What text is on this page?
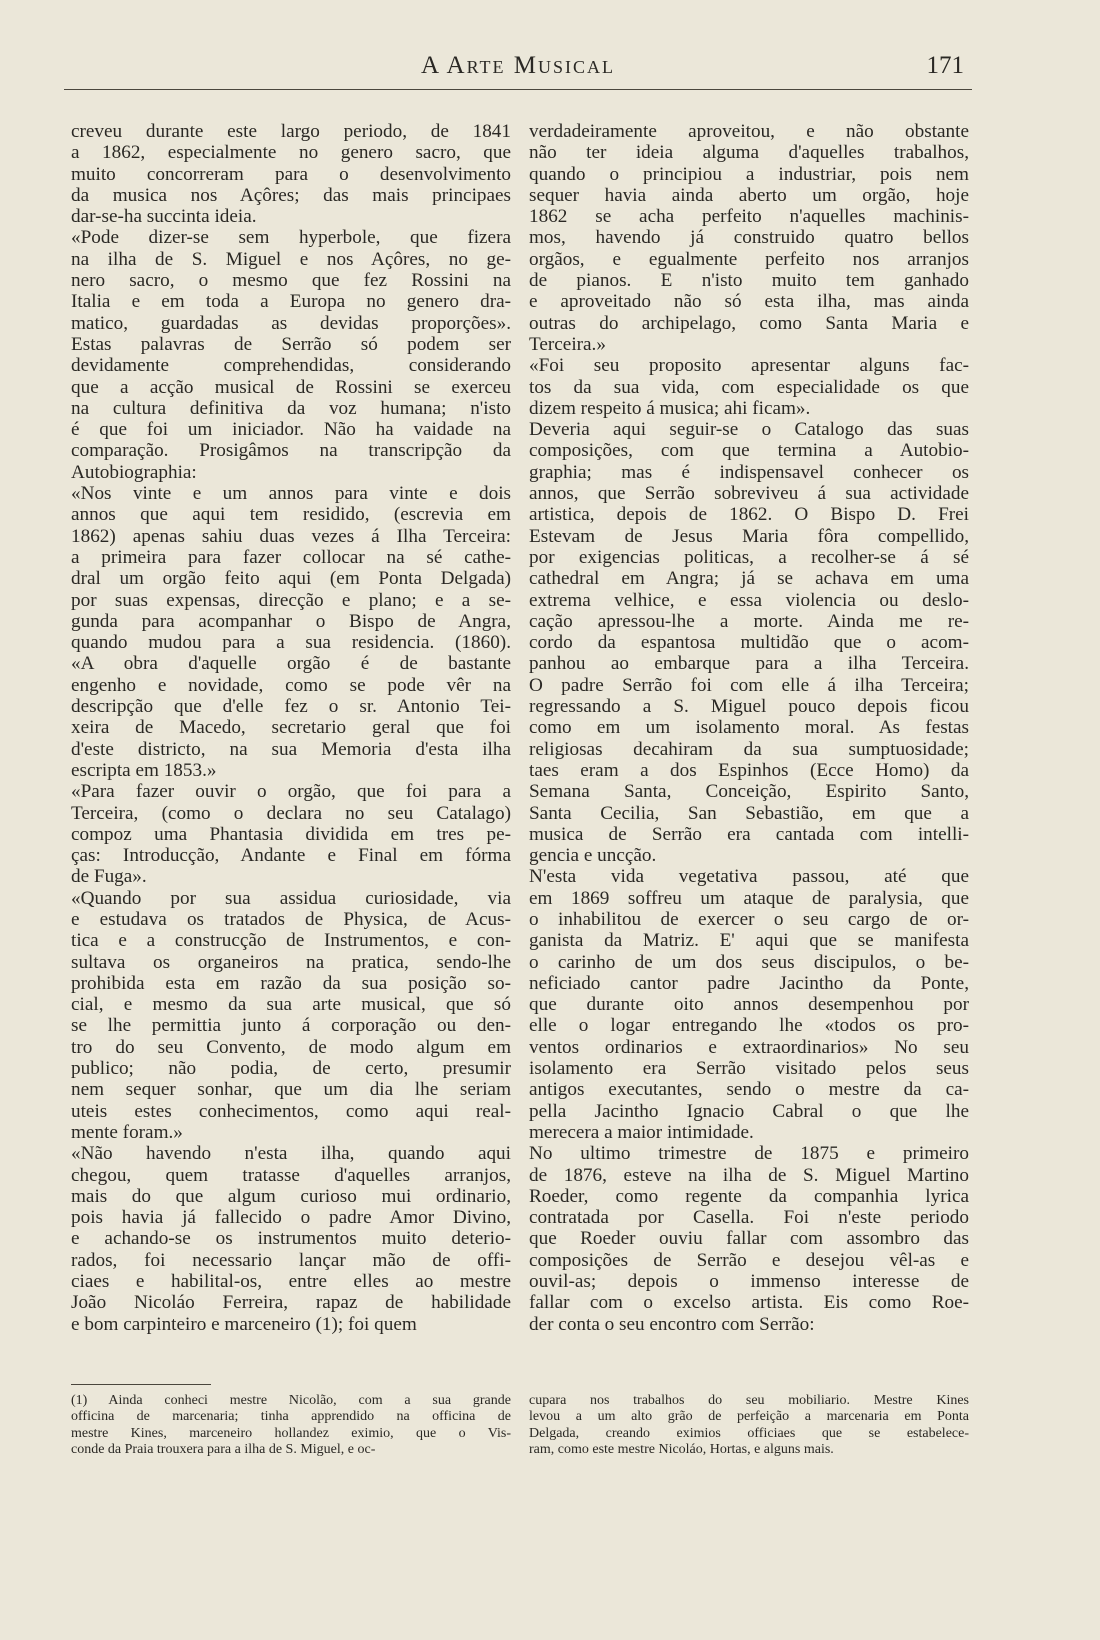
A Arte Musical	171
creveu durante este largo periodo, de 1841
a 1862, especialmente no genero sacro, que
muito concorreram para o desenvolvimento
da musica nos Açôres; das mais principaes
dar-se-ha succinta ideia.
«Pode dizer-se sem hyperbole, que fizera
na ilha de S. Miguel e nos Açôres, no ge-
nero sacro, o mesmo que fez Rossini na
Italia e em toda a Europa no genero dra-
matico, guardadas as devidas proporções».
Estas palavras de Serrão só podem ser
devidamente comprehendidas, considerando
que a acção musical de Rossini se exerceu
na cultura definitiva da voz humana; n'isto
é que foi um iniciador. Não ha vaidade na
comparação. Prosigâmos na transcripção da
Autobiographia:
«Nos vinte e um annos para vinte e dois
annos que aqui tem residido, (escrevia em
1862) apenas sahiu duas vezes á Ilha Terceira:
a primeira para fazer collocar na sé cathe-
dral um orgão feito aqui (em Ponta Delgada)
por suas expensas, direcção e plano; e a se-
gunda para acompanhar o Bispo de Angra,
quando mudou para a sua residencia. (1860).
«A obra d'aquelle orgão é de bastante
engenho e novidade, como se pode vêr na
descripção que d'elle fez o sr. Antonio Tei-
xeira de Macedo, secretario geral que foi
d'este districto, na sua Memoria d'esta ilha
escripta em 1853.»
«Para fazer ouvir o orgão, que foi para a
Terceira, (como o declara no seu Catalago)
compoz uma Phantasia dividida em tres pe-
ças: Introducção, Andante e Final em fórma
de Fuga».
«Quando por sua assidua curiosidade, via
e estudava os tratados de Physica, de Acus-
tica e a construcção de Instrumentos, e con-
sultava os organeiros na pratica, sendo-lhe
prohibida esta em razão da sua posição so-
cial, e mesmo da sua arte musical, que só
se lhe permittia junto á corporação ou den-
tro do seu Convento, de modo algum em
publico; não podia, de certo, presumir
nem sequer sonhar, que um dia lhe seriam
uteis estes conhecimentos, como aqui real-
mente foram.»
«Não havendo n'esta ilha, quando aqui
chegou, quem tratasse d'aquelles arranjos,
mais do que algum curioso mui ordinario,
pois havia já fallecido o padre Amor Divino,
e achando-se os instrumentos muito deterio-
rados, foi necessario lançar mão de offi-
ciaes e habilital-os, entre elles ao mestre
João Nicoláo Ferreira, rapaz de habilidade
e bom carpinteiro e marceneiro (1); foi quem
verdadeiramente aproveitou, e não obstante
não ter ideia alguma d'aquelles trabalhos,
quando o principiou a industriar, pois nem
sequer havia ainda aberto um orgão, hoje
1862 se acha perfeito n'aquelles machinis-
mos, havendo já construido quatro bellos
orgãos, e egualmente perfeito nos arranjos
de pianos. E n'isto muito tem ganhado
e aproveitado não só esta ilha, mas ainda
outras do archipelago, como Santa Maria e
Terceira.»
«Foi seu proposito apresentar alguns fac-
tos da sua vida, com especialidade os que
dizem respeito á musica; ahi ficam».
Deveria aqui seguir-se o Catalogo das suas
composições, com que termina a Autobio-
graphia; mas é indispensavel conhecer os
annos, que Serrão sobreviveu á sua actividade
artistica, depois de 1862. O Bispo D. Frei
Estevam de Jesus Maria fôra compellido,
por exigencias politicas, a recolher-se á sé
cathedral em Angra; já se achava em uma
extrema velhice, e essa violencia ou deslo-
cação apressou-lhe a morte. Ainda me re-
cordo da espantosa multidão que o acom-
panhou ao embarque para a ilha Terceira.
O padre Serrão foi com elle á ilha Terceira;
regressando a S. Miguel pouco depois ficou
como em um isolamento moral. As festas
religiosas decahiram da sua sumptuosidade;
taes eram a dos Espinhos (Ecce Homo) da
Semana Santa, Conceição, Espirito Santo,
Santa Cecilia, San Sebastião, em que a
musica de Serrão era cantada com intelli-
gencia e uncção.
N'esta vida vegetativa passou, até que
em 1869 soffreu um ataque de paralysia, que
o inhabilitou de exercer o seu cargo de or-
ganista da Matriz. E' aqui que se manifesta
o carinho de um dos seus discipulos, o be-
neficiado cantor padre Jacintho da Ponte,
que durante oito annos desempenhou por
elle o logar entregando lhe «todos os pro-
ventos ordinarios e extraordinarios» No seu
isolamento era Serrão visitado pelos seus
antigos executantes, sendo o mestre da ca-
pella Jacintho Ignacio Cabral o que lhe
merecera a maior intimidade.
No ultimo trimestre de 1875 e primeiro
de 1876, esteve na ilha de S. Miguel Martino
Roeder, como regente da companhia lyrica
contratada por Casella. Foi n'este periodo
que Roeder ouviu fallar com assombro das
composições de Serrão e desejou vêl-as e
ouvil-as; depois o immenso interesse de
fallar com o excelso artista. Eis como Roe-
der conta o seu encontro com Serrão:
(1) Ainda conheci mestre Nicolão, com a sua grande
officina de marcenaria; tinha apprendido na officina de
mestre Kines, marceneiro hollandez eximio, que o Vis-
conde da Praia trouxera para a ilha de S. Miguel, e oc-
cupara nos trabalhos do seu mobiliario. Mestre Kines
levou a um alto grão de perfeição a marcenaria em Ponta
Delgada, creando eximios officiaes que se estabelece-
ram, como este mestre Nicoláo, Hortas, e alguns mais.
